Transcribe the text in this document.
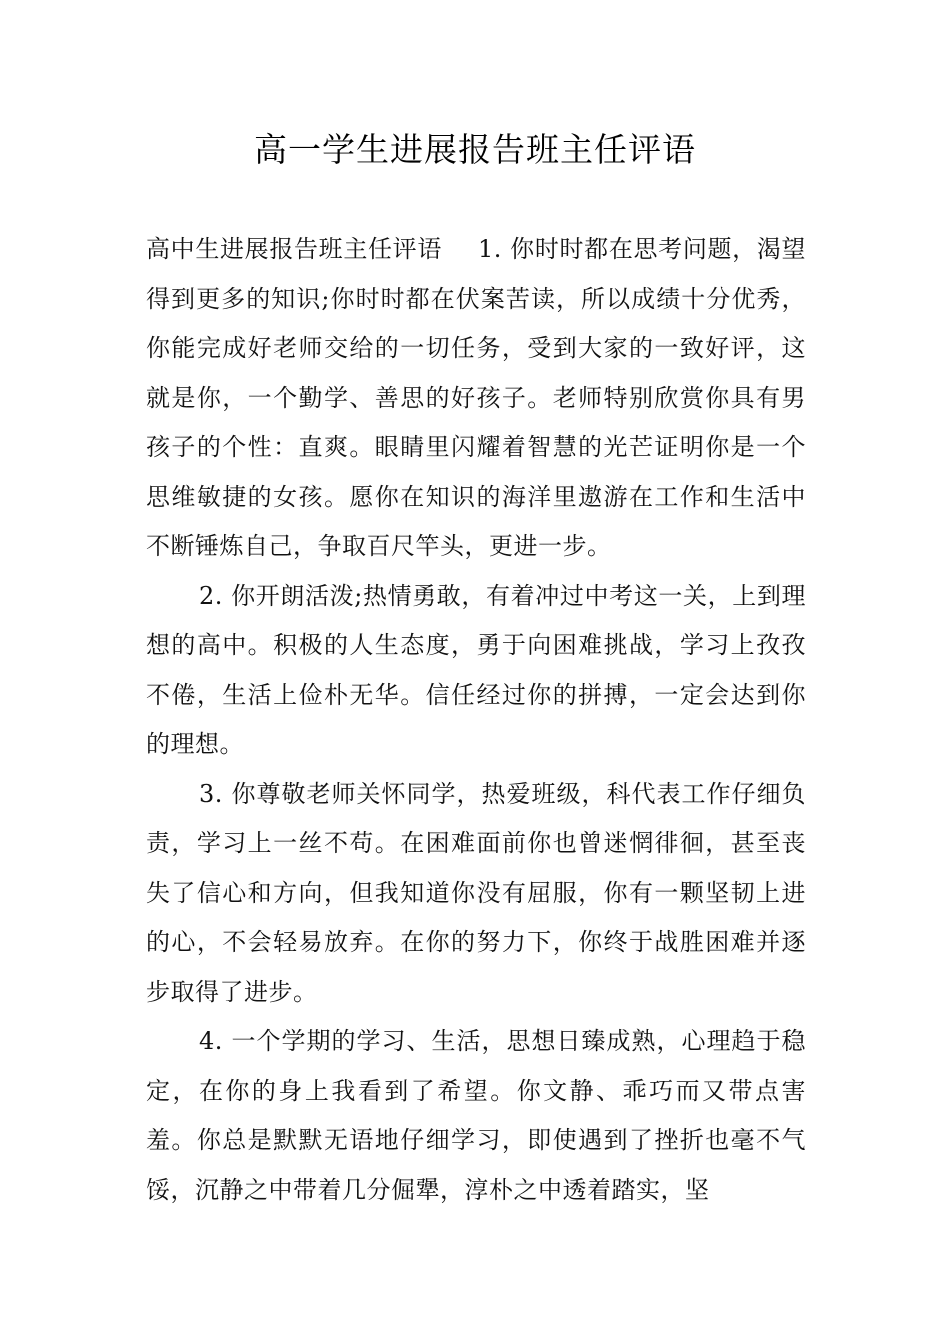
高一学生进展报告班主任评语

高中生进展报告班主任评语 1. 你时时都在思考问题，渴望得到更多的知识;你时时都在伏案苦读，所以成绩十分优秀，你能完成好老师交给的一切任务，受到大家的一致好评，这就是你，一个勤学、善思的好孩子。老师特别欣赏你具有男孩子的个性：直爽。眼睛里闪耀着智慧的光芒证明你是一个思维敏捷的女孩。愿你在知识的海洋里遨游在工作和生活中不断锤炼自己，争取百尺竿头，更进一步。

2. 你开朗活泼;热情勇敢，有着冲过中考这一关，上到理想的高中。积极的人生态度，勇于向困难挑战，学习上孜孜不倦，生活上俭朴无华。信任经过你的拼搏，一定会达到你的理想。

3. 你尊敬老师关怀同学，热爱班级，科代表工作仔细负责，学习上一丝不苟。在困难面前你也曾迷惘徘徊，甚至丧失了信心和方向，但我知道你没有屈服，你有一颗坚韧上进的心，不会轻易放弃。在你的努力下，你终于战胜困难并逐步取得了进步。

4. 一个学期的学习、生活，思想日臻成熟，心理趋于稳定，在你的身上我看到了希望。你文静、乖巧而又带点害羞。你总是默默无语地仔细学习，即使遇到了挫折也毫不气馁，沉静之中带着几分倔犟，淳朴之中透着踏实，坚
